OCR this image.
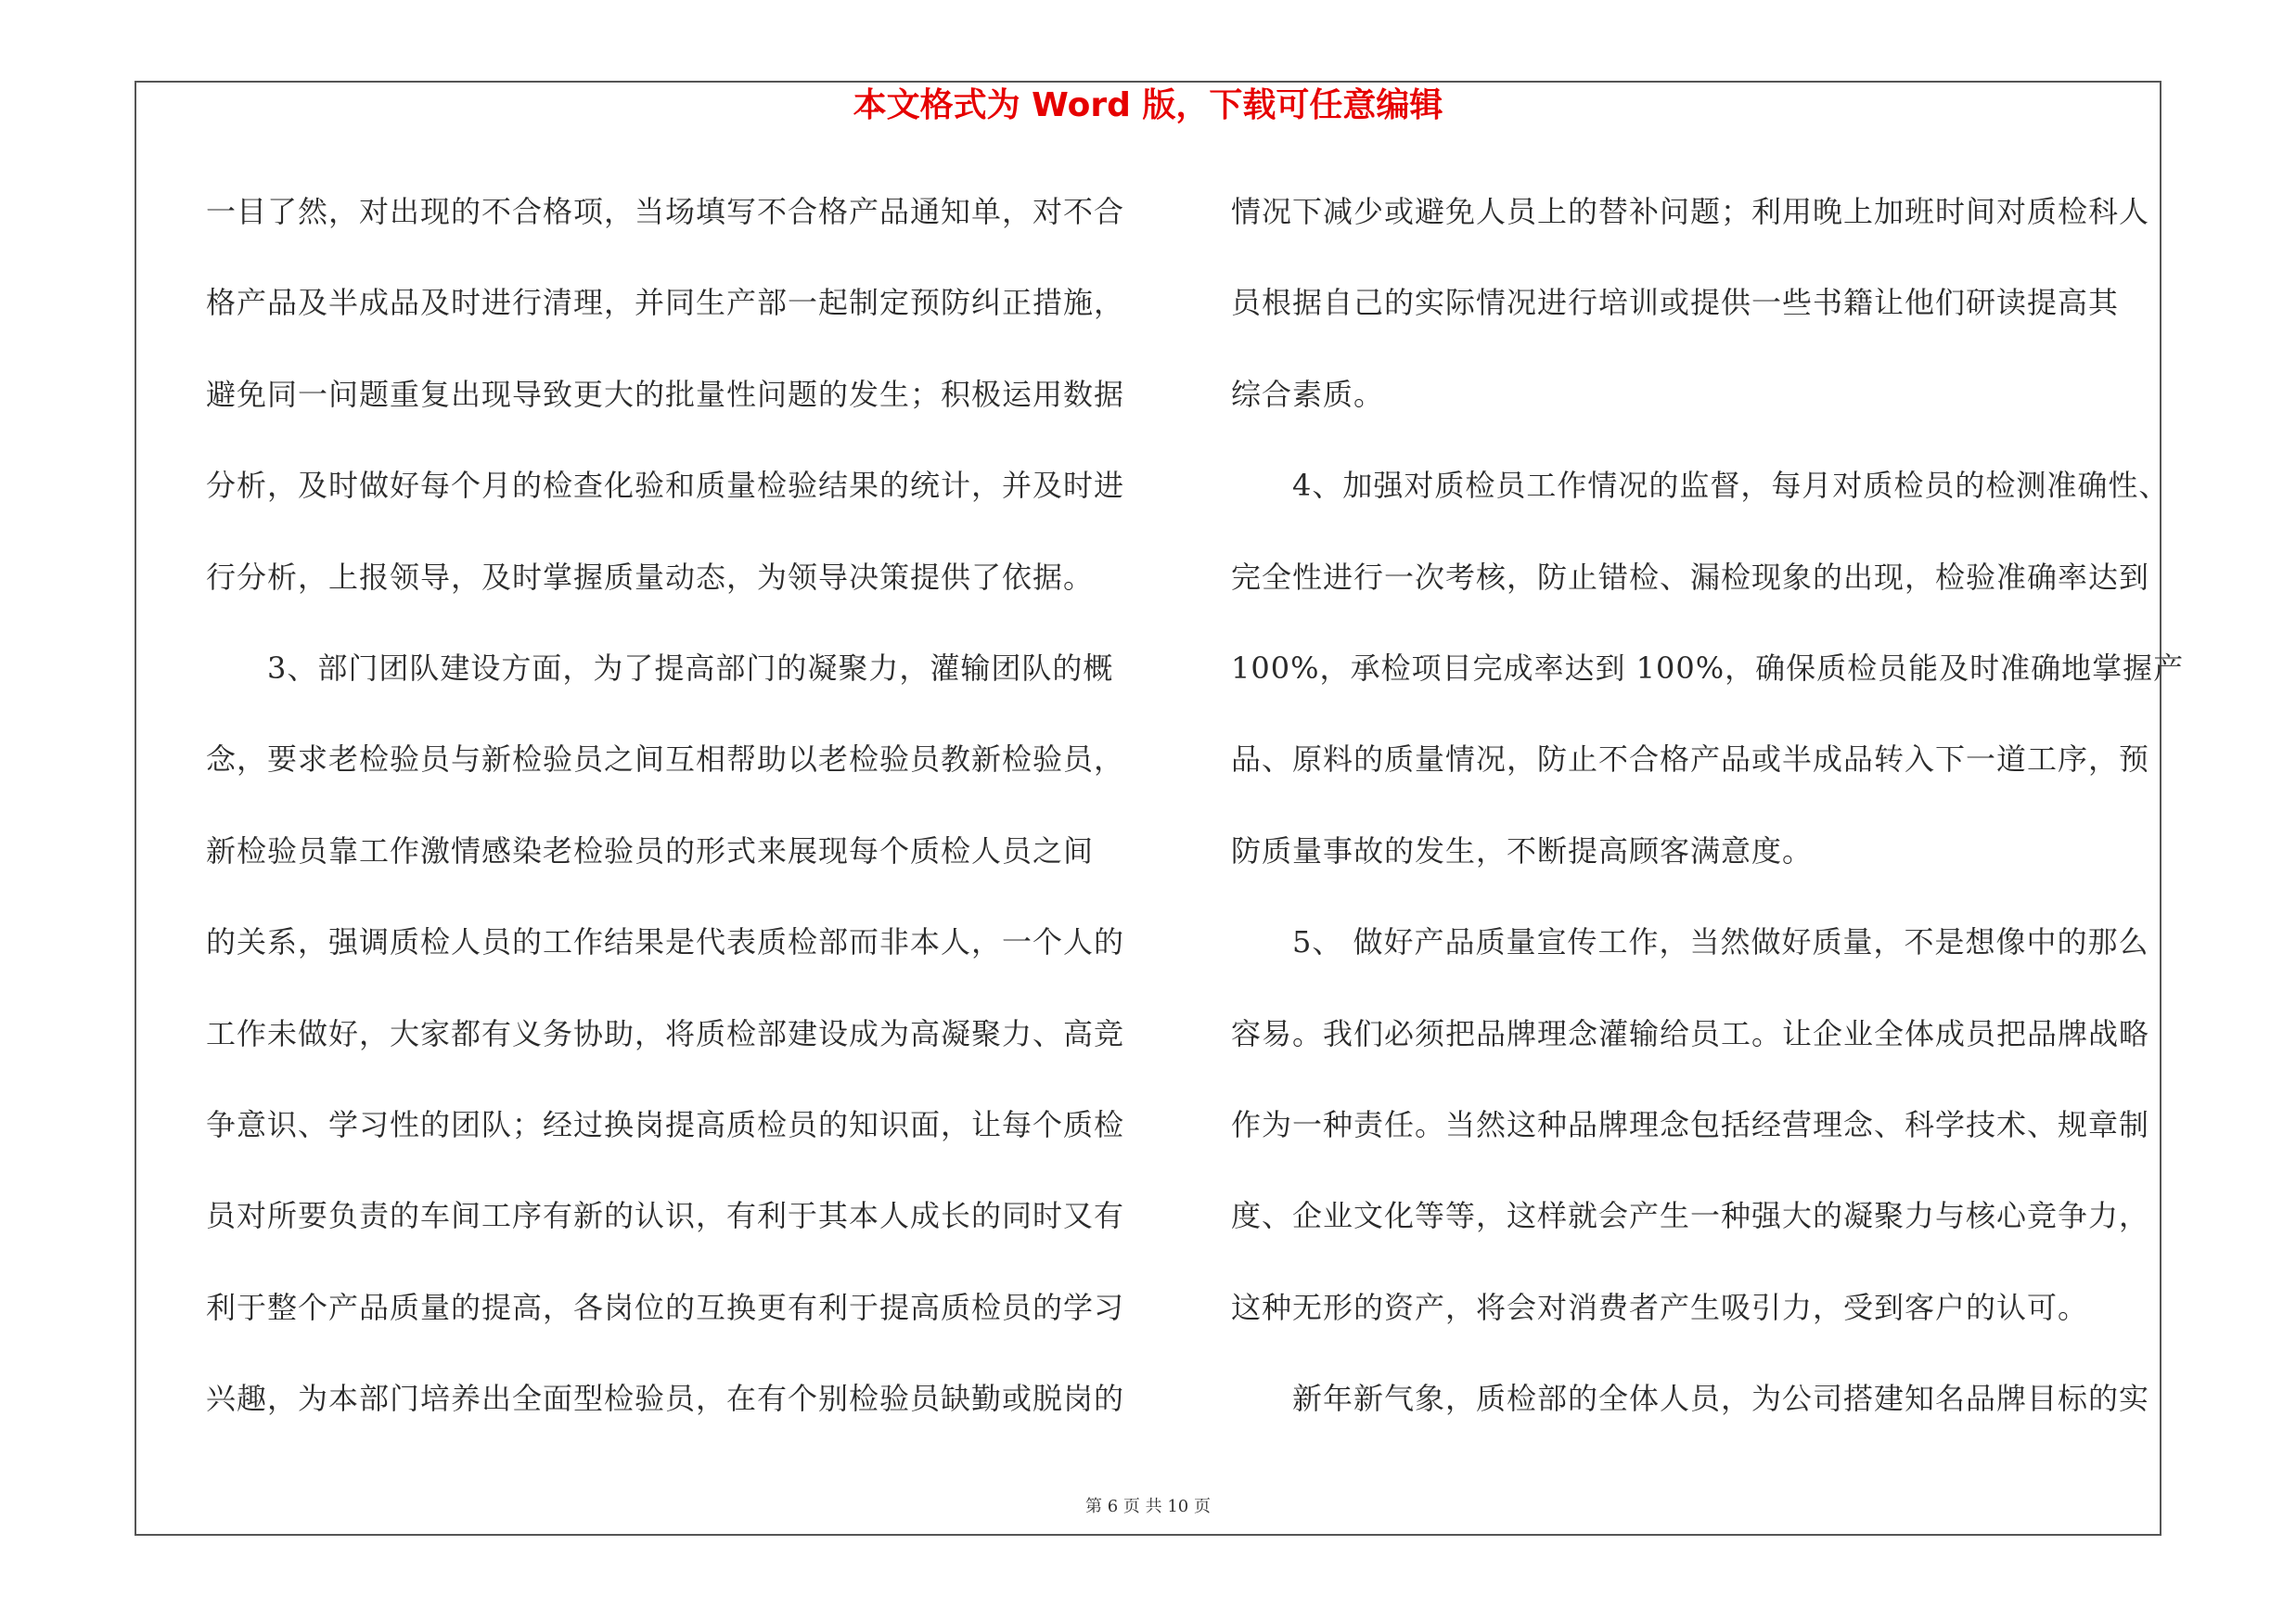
本文格式为 Word 版，下载可任意编辑
一目了然，对出现的不合格项，当场填写不合格产品通知单，对不合
格产品及半成品及时进行清理，并同生产部一起制定预防纠正措施，
避免同一问题重复出现导致更大的批量性问题的发生；积极运用数据
分析，及时做好每个月的检查化验和质量检验结果的统计，并及时进
行分析，上报领导，及时掌握质量动态，为领导决策提供了依据。
　　3、部门团队建设方面，为了提高部门的凝聚力，灌输团队的概
念，要求老检验员与新检验员之间互相帮助以老检验员教新检验员，
新检验员靠工作激情感染老检验员的形式来展现每个质检人员之间
的关系，强调质检人员的工作结果是代表质检部而非本人，一个人的
工作未做好，大家都有义务协助，将质检部建设成为高凝聚力、高竞
争意识、学习性的团队；经过换岗提高质检员的知识面，让每个质检
员对所要负责的车间工序有新的认识，有利于其本人成长的同时又有
利于整个产品质量的提高，各岗位的互换更有利于提高质检员的学习
兴趣，为本部门培养出全面型检验员，在有个别检验员缺勤或脱岗的
情况下减少或避免人员上的替补问题；利用晚上加班时间对质检科人
员根据自己的实际情况进行培训或提供一些书籍让他们研读提高其
综合素质。
　　4、加强对质检员工作情况的监督，每月对质检员的检测准确性、
完全性进行一次考核，防止错检、漏检现象的出现，检验准确率达到
100%，承检项目完成率达到 100%，确保质检员能及时准确地掌握产
品、原料的质量情况，防止不合格产品或半成品转入下一道工序，预
防质量事故的发生，不断提高顾客满意度。
　　5、 做好产品质量宣传工作，当然做好质量，不是想像中的那么
容易。我们必须把品牌理念灌输给员工。让企业全体成员把品牌战略
作为一种责任。当然这种品牌理念包括经营理念、科学技术、规章制
度、企业文化等等，这样就会产生一种强大的凝聚力与核心竞争力，
这种无形的资产，将会对消费者产生吸引力，受到客户的认可。
　　新年新气象，质检部的全体人员，为公司搭建知名品牌目标的实
第 6 页 共 10 页
